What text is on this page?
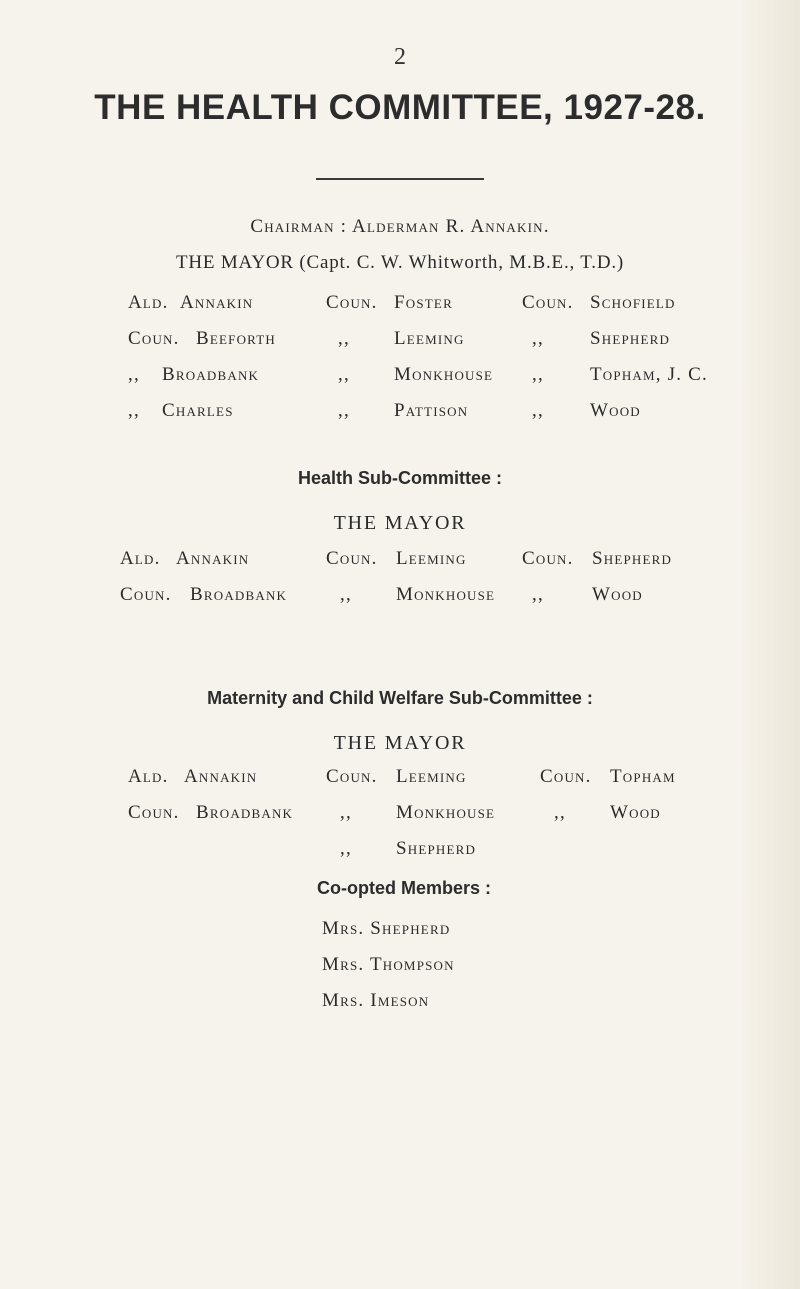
2
THE HEALTH COMMITTEE, 1927-28.
Chairman : Alderman R. Annakin.
THE MAYOR (Capt. C. W. Whitworth, M.B.E., T.D.)
Ald. Annakin
Coun. Beeforth
,, Broadbank
,, Charles
Coun. Foster
,, Leeming
,, Monkhouse
,, Pattison
Coun. Schofield
,, Shepherd
,, Topham, J. C.
,, Wood
Health Sub-Committee :
THE MAYOR
Ald. Annakin
Coun. Broadbank
Coun. Leeming
,, Monkhouse
Coun. Shepherd
,,	Wood
Maternity and Child Welfare Sub-Committee :
THE MAYOR
Ald. Annakin
Coun. Broadbank
Coun. Leeming
,, Monkhouse
,, Shepherd
Coun. Topham
,, Wood
Co-opted Members :
Mrs. Shepherd
Mrs. Thompson
Mrs. Imeson
